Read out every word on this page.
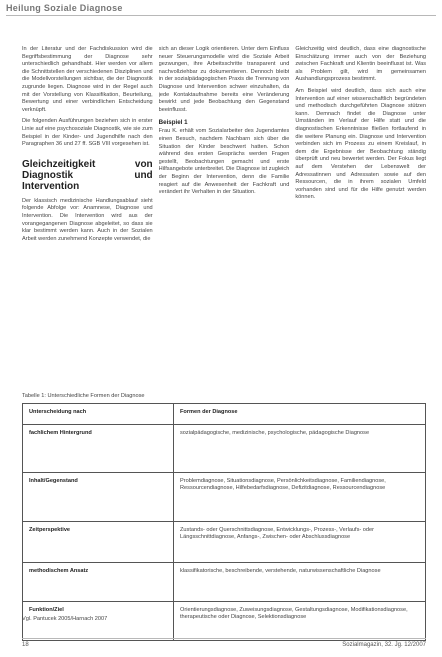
Heilung Soziale Diagnose

In der Literatur und der Fachdiskussion wird die Begriffsbestimmung der Diagnose sehr unterschiedlich gehandhabt. Hier werden vor allem die Schnittstellen der verschiedenen Disziplinen und die Modellvorstellungen sichtbar, die der Diagnostik zugrunde liegen. Diagnose wird in der Regel auch mit der Vorstellung von Klassifikation, Beurteilung, Bewertung und einer verbindlichen Entscheidung verknüpft.

Die folgenden Ausführungen beziehen sich in erster Linie auf eine psychosoziale Diagnostik, wie sie zum Beispiel in der Kinder- und Jugendhilfe nach den Paragraphen 36 und 27 ff. SGB VIII vorgesehen ist.

Gleichzeitigkeit von Diagnostik und Intervention

Der klassisch medizinische Handlungsablauf sieht folgende Abfolge vor: Anamnese, Diagnose und Intervention. Die Intervention wird aus der vorangegangenen Diagnose abgeleitet, so dass sie klar bestimmt werden kann. Auch in der Sozialen Arbeit werden zunehmend Konzepte verwendet, die

sich an dieser Logik orientieren. Unter dem Einfluss neuer Steuerungsmodelle wird die Soziale Arbeit gezwungen, ihre Arbeitsschritte transparent und nachvollziehbar zu dokumentieren. Dennoch bleibt in der sozialpädagogischen Praxis die Trennung von Diagnose und Intervention schwer einzuhalten, da jede Kontaktaufnahme bereits eine Veränderung bewirkt und jede Beobachtung den Gegenstand beeinflusst.

Beispiel 1

Frau K. erhält vom Sozialarbeiter des Jugendamtes einen Besuch, nachdem Nachbarn sich über die Situation der Kinder beschwert hatten. Schon während des ersten Gesprächs werden Fragen gestellt, Beobachtungen gemacht und erste Hilfsangebote unterbreitet. Die Diagnose ist zugleich der Beginn der Intervention, denn die Familie reagiert auf die Anwesenheit der Fachkraft und verändert ihr Verhalten in der Situation.

Gleichzeitig wird deutlich, dass eine diagnostische Einschätzung immer auch von der Beziehung zwischen Fachkraft und Klientin beeinflusst ist. Was als Problem gilt, wird im gemeinsamen Aushandlungsprozess bestimmt.

Am Beispiel wird deutlich, dass sich auch eine Intervention auf einer wissenschaftlich begründeten und methodisch durchgeführten Diagnose stützen kann. Demnach findet die Diagnose unter Umständen im Verlauf der Hilfe statt und die diagnostischen Erkenntnisse fließen fortlaufend in die weitere Planung ein. Diagnose und Intervention verbinden sich im Prozess zu einem Kreislauf, in dem die Ergebnisse der Beobachtung ständig überprüft und neu bewertet werden. Der Fokus liegt auf dem Verstehen der Lebenswelt der Adressatinnen und Adressaten sowie auf den Ressourcen, die in ihrem sozialen Umfeld vorhanden sind und für die Hilfe genutzt werden können.

Tabelle 1: Unterschiedliche Formen der Diagnose
Unterscheidung nach	Formen der Diagnose
fachlichem Hintergrund	sozialpädagogische, medizinische, psychologische, pädagogische Diagnose
Inhalt/Gegenstand	Problemdiagnose, Situationsdiagnose, Persönlichkeitsdiagnose, Familiendiagnose, Ressourcendiagnose, Hilfebedarfsdiagnose, Defizitdiagnose, Ressourcendiagnose
Zeitperspektive	Zustands- oder Querschnittsdiagnose, Entwicklungs-, Prozess-, Verlaufs- oder Längsschnittdiagnose, Anfangs-, Zwischen- oder Abschlussdiagnose
methodischem Ansatz	klassifikatorische, beschreibende, verstehende, naturwissenschaftliche Diagnose
Funktion/Ziel	Orientierungsdiagnose, Zuweisungsdiagnose, Gestaltungsdiagnose, Modifikationsdiagnose, therapeutische oder Diagnose, Selektionsdiagnose
Vgl. Pantucek 2005/Harnach 2007
18	Sozialmagazin, 32. Jg. 12/2007
